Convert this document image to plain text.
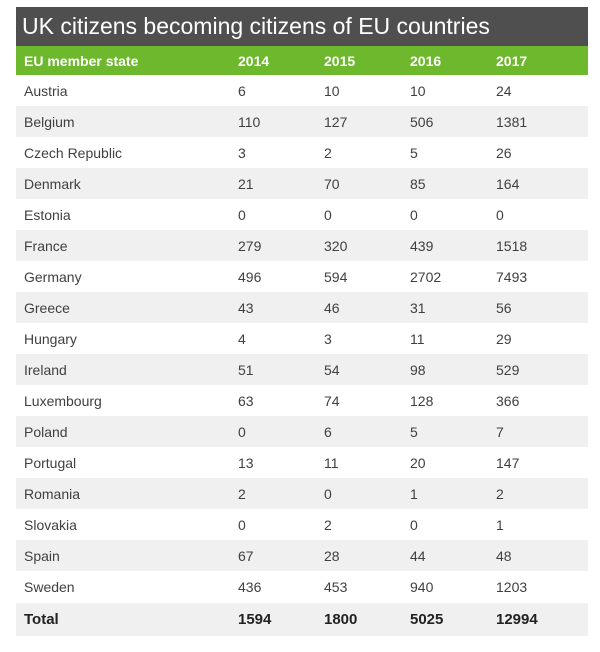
UK citizens becoming citizens of EU countries
EU member state	2014	2015	2016	2017
Austria	6	10	10	24
Belgium	110	127	506	1381
Czech Republic	3	2	5	26
Denmark	21	70	85	164
Estonia	0	0	0	0
France	279	320	439	1518
Germany	496	594	2702	7493
Greece	43	46	31	56
Hungary	4	3	11	29
Ireland	51	54	98	529
Luxembourg	63	74	128	366
Poland	0	6	5	7
Portugal	13	11	20	147
Romania	2	0	1	2
Slovakia	0	2	0	1
Spain	67	28	44	48
Sweden	436	453	940	1203
Total	1594	1800	5025	12994
